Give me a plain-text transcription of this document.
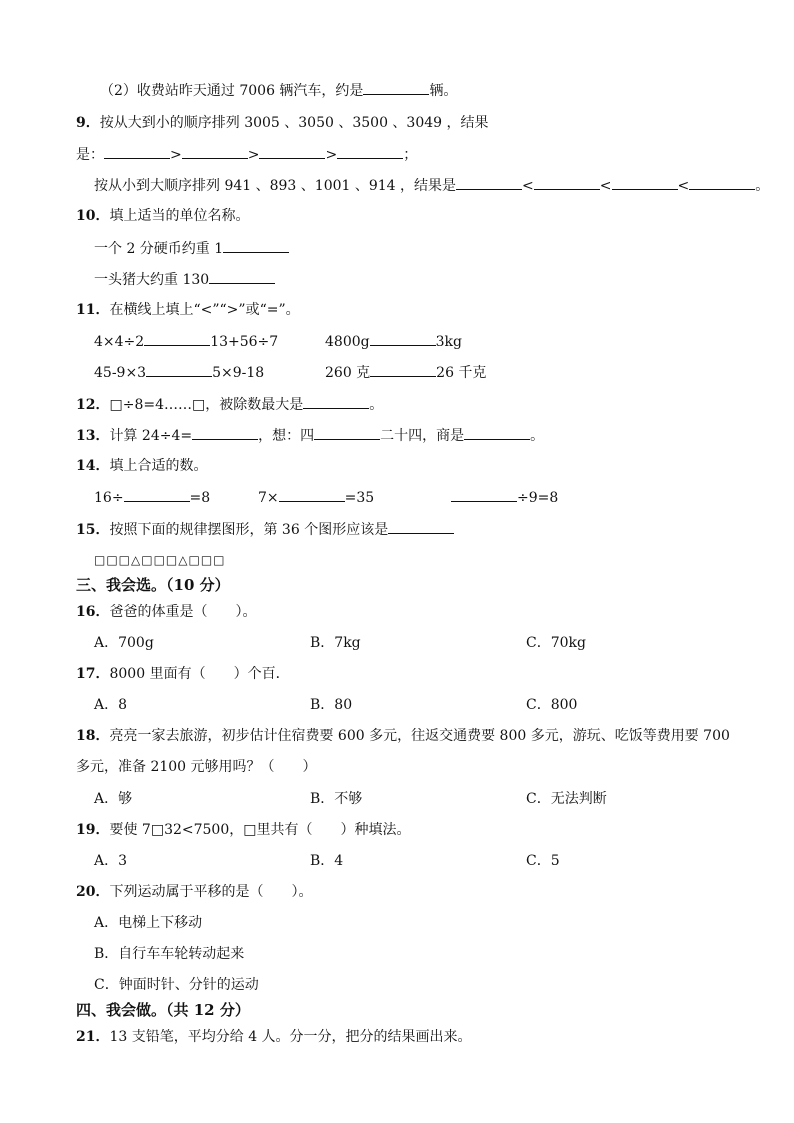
（2）收费站昨天通过 7006 辆汽车，约是	辆。
9．按从大到小的顺序排列 3005 、3050 、3500 、3049 ，结果
是：	>	>	>	；
按从小到大顺序排列 941 、893 、1001 、914 ，结果是	<	<	<	。
10．填上适当的单位名称。
一个 2 分硬币约重 1
一头猪大约重 130
11．在横线上填上“<”“>”或“=”。
4×4÷2	13+56÷7	4800g	3kg
45-9×3	5×9-18	260 克	26 千克
12．□÷8=4……□，被除数最大是	。
13．计算 24÷4=	，想：四	二十四，商是	。
14．填上合适的数。
16÷	=8	7×	=35	÷9=8
15．按照下面的规律摆图形，第 36 个图形应该是
□□□△□□□△□□□
三、我会选。（10 分）
16．爸爸的体重是（　　）。
A．700g	B．7kg	C．70kg
17．8000 里面有（　　）个百．
A．8	B．80	C．800
18．亮亮一家去旅游，初步估计住宿费要 600 多元，往返交通费要 800 多元，游玩、吃饭等费用要 700
多元，准备 2100 元够用吗？（　　）
A．够	B．不够	C．无法判断
19．要使 7□32<7500，□里共有（　　）种填法。
A．3	B．4	C．5
20．下列运动属于平移的是（　　）。
A．电梯上下移动
B．自行车车轮转动起来
C．钟面时针、分针的运动
四、我会做。（共 12 分）
21．13 支铅笔，平均分给 4 人。分一分，把分的结果画出来。
